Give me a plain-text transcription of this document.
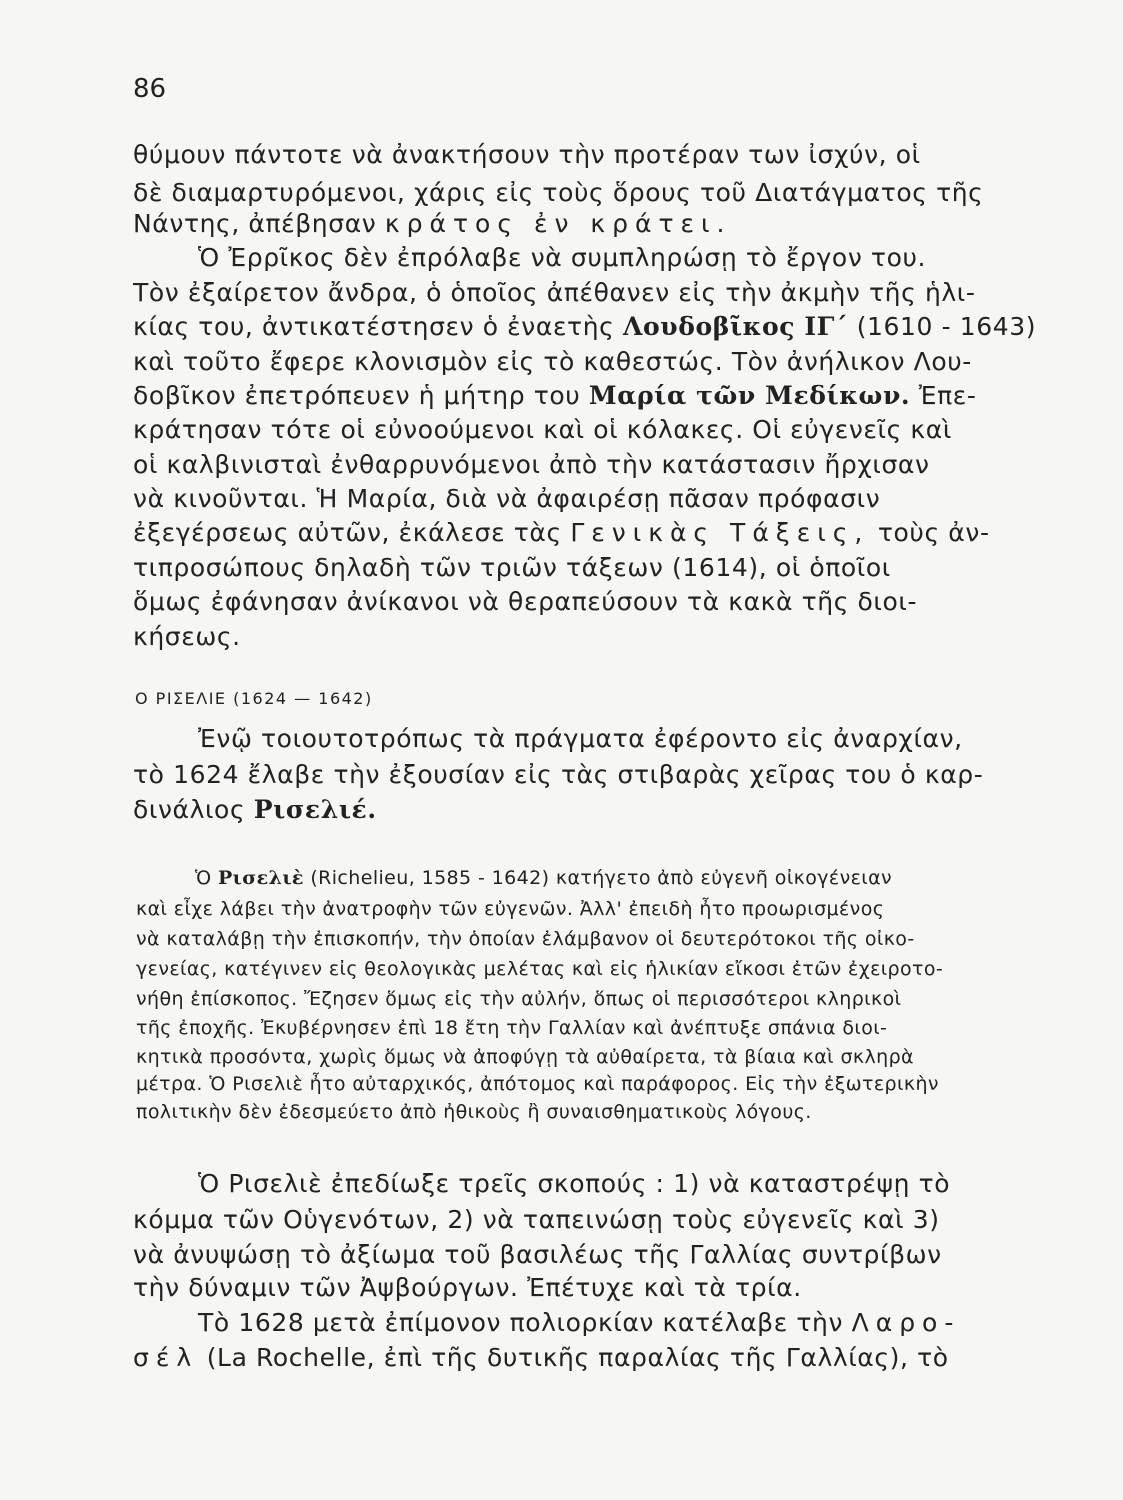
86
θύμουν πάντοτε νὰ ἀνακτήσουν τὴν προτέραν των ἰσχύν, οἱ
δὲ διαμαρτυρόμενοι, χάρις εἰς τοὺς ὅρους τοῦ Διατάγματος τῆς
Νάντης, ἀπέβησαν κράτος ἐν κράτει.
Ὁ Ἐρρῖκος δὲν ἐπρόλαβε νὰ συμπληρώσῃ τὸ ἔργον του.
Τὸν ἐξαίρετον ἄνδρα, ὁ ὁποῖος ἀπέθανεν εἰς τὴν ἀκμὴν τῆς ἡλι-
κίας του, ἀντικατέστησεν ὁ ἐναετὴς Λουδοβῖκος ΙΓ΄ (1610 - 1643)
καὶ τοῦτο ἔφερε κλονισμὸν εἰς τὸ καθεστώς. Τὸν ἀνήλικον Λου-
δοβῖκον ἐπετρόπευεν ἡ μήτηρ του Μαρία τῶν Μεδίκων. Ἐπε-
κράτησαν τότε οἱ εὐνοούμενοι καὶ οἱ κόλακες. Οἱ εὐγενεῖς καὶ
οἱ καλβινισταὶ ἐνθαρρυνόμενοι ἀπὸ τὴν κατάστασιν ἤρχισαν
νὰ κινοῦνται. Ἡ Μαρία, διὰ νὰ ἀφαιρέσῃ πᾶσαν πρόφασιν
ἐξεγέρσεως αὐτῶν, ἐκάλεσε τὰς Γενικὰς Τάξεις, τοὺς ἀν-
τιπροσώπους δηλαδὴ τῶν τριῶν τάξεων (1614), οἱ ὁποῖοι
ὅμως ἐφάνησαν ἀνίκανοι νὰ θεραπεύσουν τὰ κακὰ τῆς διοι-
κήσεως.
Ο ΡΙΣΕΛΙΕ (1624 — 1642)
Ἐνῷ τοιουτοτρόπως τὰ πράγματα ἐφέροντο εἰς ἀναρχίαν,
τὸ 1624 ἔλαβε τὴν ἐξουσίαν εἰς τὰς στιβαρὰς χεῖρας του ὁ καρ-
δινάλιος Ρισελιέ.
Ὁ Ρισελιὲ (Richelieu, 1585 - 1642) κατήγετο ἀπὸ εὐγενῆ οἰκογένειαν
καὶ εἶχε λάβει τὴν ἀνατροφὴν τῶν εὐγενῶν. Ἀλλ' ἐπειδὴ ἦτο προωρισμένος
νὰ καταλάβῃ τὴν ἐπισκοπήν, τὴν ὁποίαν ἐλάμβανον οἱ δευτερότοκοι τῆς οἰκο-
γενείας, κατέγινεν εἰς θεολογικὰς μελέτας καὶ εἰς ἡλικίαν εἴκοσι ἐτῶν ἐχειροτο-
νήθη ἐπίσκοπος. Ἔζησεν ὅμως εἰς τὴν αὐλήν, ὅπως οἱ περισσότεροι κληρικοὶ
τῆς ἐποχῆς. Ἐκυβέρνησεν ἐπὶ 18 ἔτη τὴν Γαλλίαν καὶ ἀνέπτυξε σπάνια διοι-
κητικὰ προσόντα, χωρὶς ὅμως νὰ ἀποφύγῃ τὰ αὐθαίρετα, τὰ βίαια καὶ σκληρὰ
μέτρα. Ὁ Ρισελιὲ ἦτο αὐταρχικός, ἀπότομος καὶ παράφορος. Εἰς τὴν ἐξωτερικὴν
πολιτικὴν δὲν ἐδεσμεύετο ἀπὸ ἠθικοὺς ἢ συναισθηματικοὺς λόγους.
Ὁ Ρισελιὲ ἐπεδίωξε τρεῖς σκοπούς : 1) νὰ καταστρέψῃ τὸ
κόμμα τῶν Οὑγενότων, 2) νὰ ταπεινώσῃ τοὺς εὐγενεῖς καὶ 3)
νὰ ἀνυψώσῃ τὸ ἀξίωμα τοῦ βασιλέως τῆς Γαλλίας συντρίβων
τὴν δύναμιν τῶν Ἀψβούργων. Ἐπέτυχε καὶ τὰ τρία.
Τὸ 1628 μετὰ ἐπίμονον πολιορκίαν κατέλαβε τὴν Λαρο-
σέλ (La Rochelle, ἐπὶ τῆς δυτικῆς παραλίας τῆς Γαλλίας), τὸ
